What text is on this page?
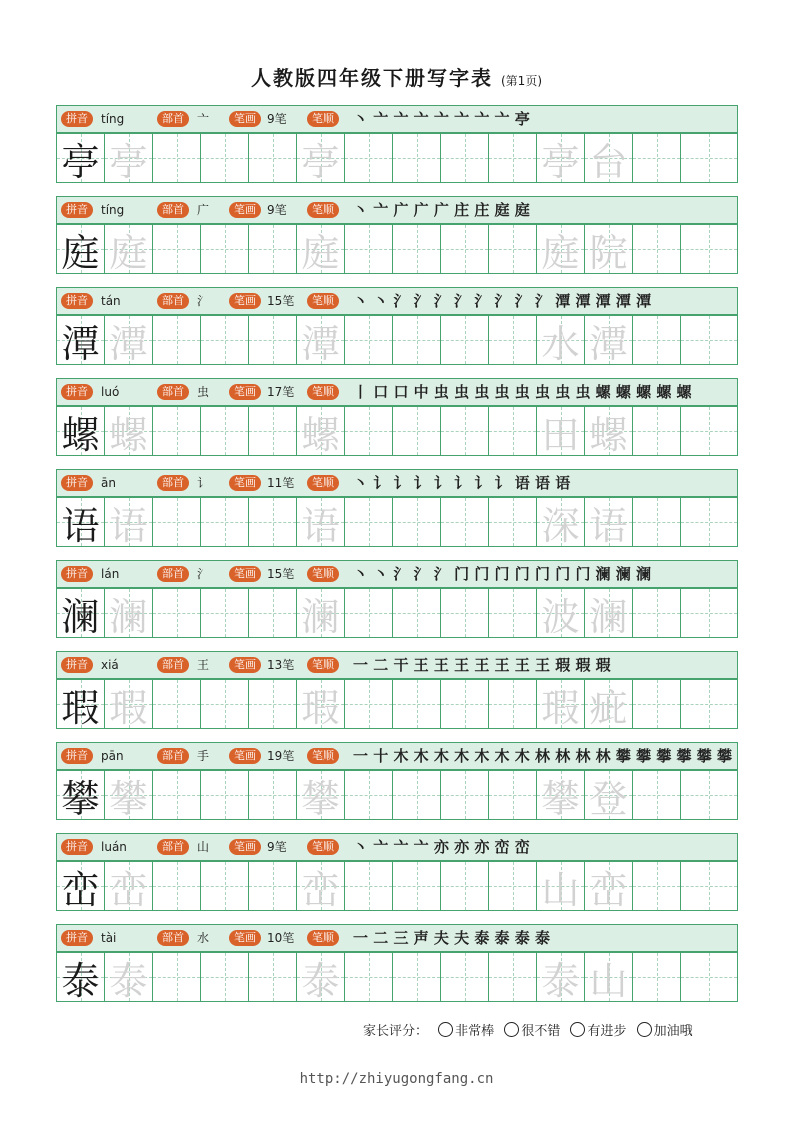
人教版四年级下册写字表 (第1页)
拼音	tíng	部首	亠	笔画 9笔	笔顺	丶 亠 亠 亠 亠 亠 亠 亠 亭
亭 亭	亭	亭 台
拼音	tíng	部首	广	笔画 9笔	笔顺	丶 亠 广 广 广 庄 庄 庭 庭
庭 庭	庭	庭 院
拼音	tán	部首	氵	笔画 15笔	笔顺	丶 丶 氵 氵 氵 氵 氵 氵 氵 氵 潭 潭 潭 潭 潭
潭 潭	潭	水 潭
拼音	luó	部首	虫	笔画 17笔	笔顺	丨 口 口 中 虫 虫 虫 虫 虫 虫 虫 虫 螺 螺 螺 螺 螺
螺 螺	螺	田 螺
拼音	ān	部首	讠	笔画 11笔	笔顺	丶 讠 讠 讠 讠 讠 讠 讠 语 语 语
语 语	语	深 语
拼音	lán	部首	氵	笔画 15笔	笔顺	丶 丶 氵 氵 氵 门 门 门 门 门 门 门 澜 澜 澜
澜 澜	澜	波 澜
拼音	xiá	部首	王	笔画 13笔	笔顺	一 二 干 王 王 王 王 王 王 王 瑕 瑕 瑕
瑕 瑕	瑕	瑕 疵
拼音	pān	部首	手	笔画 19笔	笔顺	一 十 木 木 木 木 木 木 木 林 林 林 林 攀 攀 攀 攀 攀 攀
攀 攀	攀	攀 登
拼音	luán	部首	山	笔画 9笔	笔顺	丶 亠 亠 亠 亦 亦 亦 峦 峦
峦 峦	峦	山 峦
拼音	tài	部首	水	笔画 10笔	笔顺	一 二 三 声 夫 夫 泰 泰 泰 泰
泰 泰	泰	泰 山
家长评分： 非常棒 很不错 有进步 加油哦
http://zhiyugongfang.cn
